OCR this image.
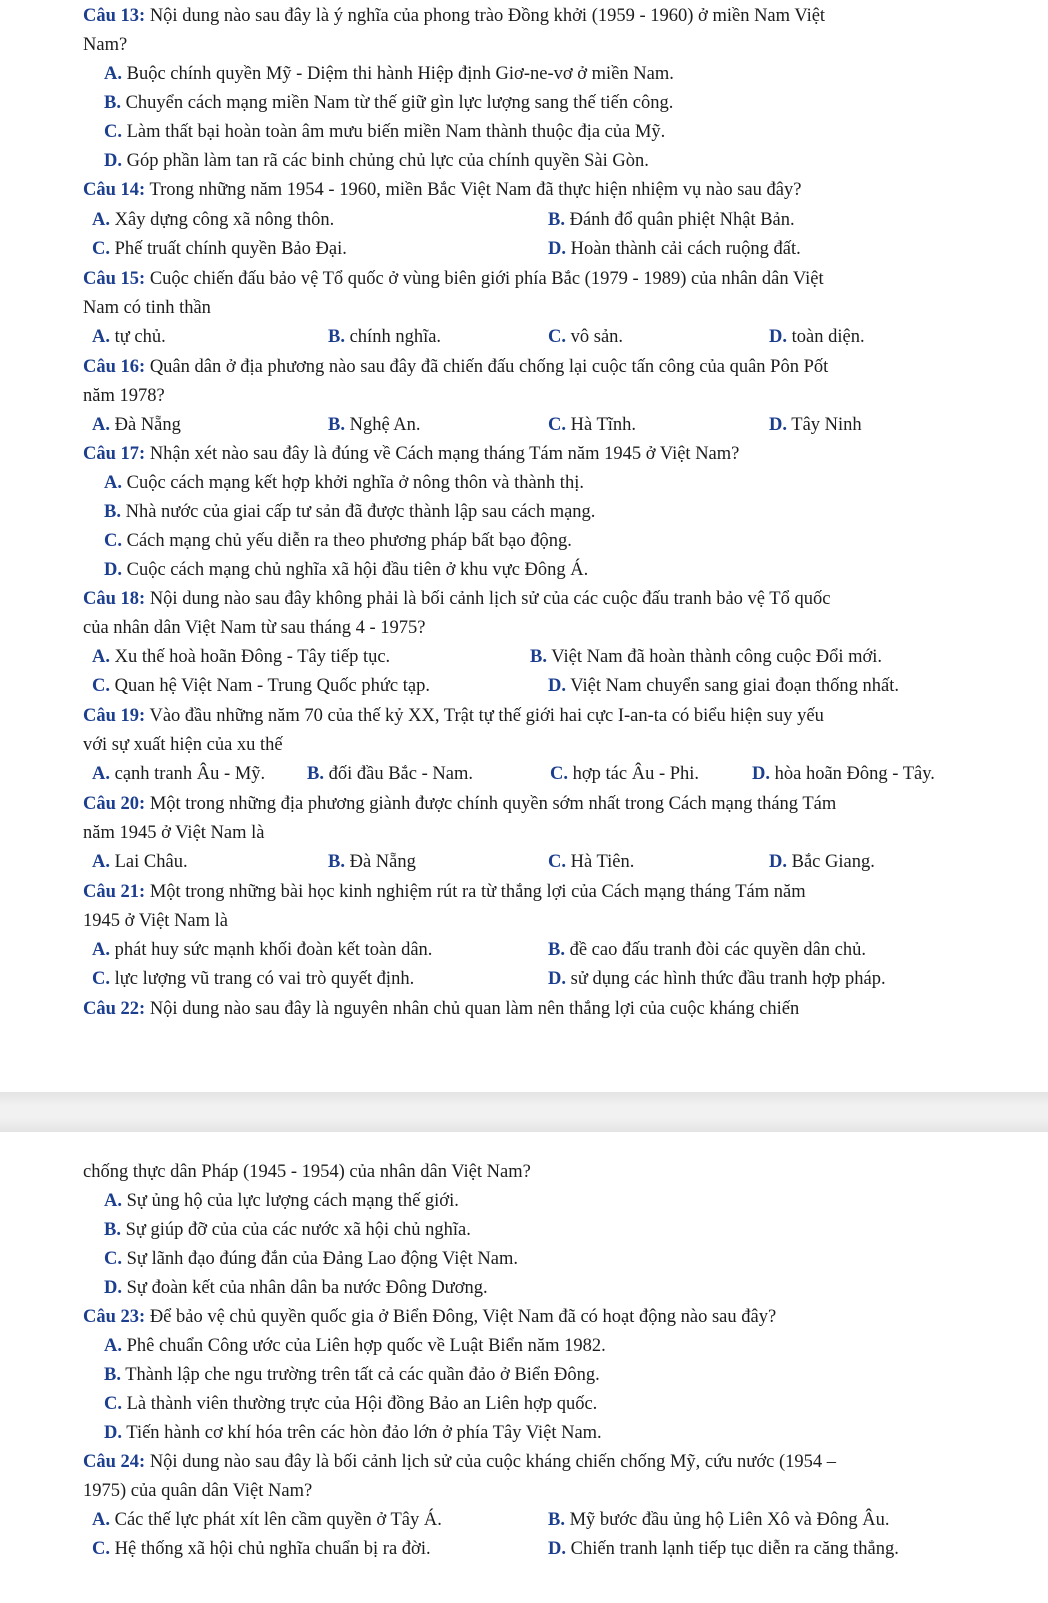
Câu 13: Nội dung nào sau đây là ý nghĩa của phong trào Đồng khởi (1959 - 1960) ở miền Nam Việt
Nam?
A. Buộc chính quyền Mỹ - Diệm thi hành Hiệp định Giơ-ne-vơ ở miền Nam.
B. Chuyển cách mạng miền Nam từ thế giữ gìn lực lượng sang thế tiến công.
C. Làm thất bại hoàn toàn âm mưu biến miền Nam thành thuộc địa của Mỹ.
D. Góp phần làm tan rã các binh chủng chủ lực của chính quyền Sài Gòn.
Câu 14: Trong những năm 1954 - 1960, miền Bắc Việt Nam đã thực hiện nhiệm vụ nào sau đây?
A. Xây dựng công xã nông thôn.	B. Đánh đổ quân phiệt Nhật Bản.
C. Phế truất chính quyền Bảo Đại.	D. Hoàn thành cải cách ruộng đất.
Câu 15: Cuộc chiến đấu bảo vệ Tổ quốc ở vùng biên giới phía Bắc (1979 - 1989) của nhân dân Việt
Nam có tinh thần
A. tự chủ.	B. chính nghĩa.	C. vô sản.	D. toàn diện.
Câu 16: Quân dân ở địa phương nào sau đây đã chiến đấu chống lại cuộc tấn công của quân Pôn Pốt
năm 1978?
A. Đà Nẵng	B. Nghệ An.	C. Hà Tĩnh.	D. Tây Ninh
Câu 17: Nhận xét nào sau đây là đúng về Cách mạng tháng Tám năm 1945 ở Việt Nam?
A. Cuộc cách mạng kết hợp khởi nghĩa ở nông thôn và thành thị.
B. Nhà nước của giai cấp tư sản đã được thành lập sau cách mạng.
C. Cách mạng chủ yếu diễn ra theo phương pháp bất bạo động.
D. Cuộc cách mạng chủ nghĩa xã hội đầu tiên ở khu vực Đông Á.
Câu 18: Nội dung nào sau đây không phải là bối cảnh lịch sử của các cuộc đấu tranh bảo vệ Tổ quốc
của nhân dân Việt Nam từ sau tháng 4 - 1975?
A. Xu thế hoà hoãn Đông - Tây tiếp tục.	B. Việt Nam đã hoàn thành công cuộc Đổi mới.
C. Quan hệ Việt Nam - Trung Quốc phức tạp.	D. Việt Nam chuyển sang giai đoạn thống nhất.
Câu 19: Vào đầu những năm 70 của thế kỷ XX, Trật tự thế giới hai cực I-an-ta có biểu hiện suy yếu
với sự xuất hiện của xu thế
A. cạnh tranh Âu - Mỹ. B. đối đầu Bắc - Nam.	C. hợp tác Âu - Phi.	D. hòa hoãn Đông - Tây.
Câu 20: Một trong những địa phương giành được chính quyền sớm nhất trong Cách mạng tháng Tám
năm 1945 ở Việt Nam là
A. Lai Châu.	B. Đà Nẵng	C. Hà Tiên.	D. Bắc Giang.
Câu 21: Một trong những bài học kinh nghiệm rút ra từ thắng lợi của Cách mạng tháng Tám năm
1945 ở Việt Nam là
A. phát huy sức mạnh khối đoàn kết toàn dân.	B. đề cao đấu tranh đòi các quyền dân chủ.
C. lực lượng vũ trang có vai trò quyết định.	D. sử dụng các hình thức đầu tranh hợp pháp.
Câu 22: Nội dung nào sau đây là nguyên nhân chủ quan làm nên thắng lợi của cuộc kháng chiến
chống thực dân Pháp (1945 - 1954) của nhân dân Việt Nam?
A. Sự ủng hộ của lực lượng cách mạng thế giới.
B. Sự giúp đỡ của của các nước xã hội chủ nghĩa.
C. Sự lãnh đạo đúng đắn của Đảng Lao động Việt Nam.
D. Sự đoàn kết của nhân dân ba nước Đông Dương.
Câu 23: Để bảo vệ chủ quyền quốc gia ở Biển Đông, Việt Nam đã có hoạt động nào sau đây?
A. Phê chuẩn Công ước của Liên hợp quốc về Luật Biển năm 1982.
B. Thành lập che ngu trường trên tất cả các quần đảo ở Biển Đông.
C. Là thành viên thường trực của Hội đồng Bảo an Liên hợp quốc.
D. Tiến hành cơ khí hóa trên các hòn đảo lớn ở phía Tây Việt Nam.
Câu 24: Nội dung nào sau đây là bối cảnh lịch sử của cuộc kháng chiến chống Mỹ, cứu nước (1954 –
1975) của quân dân Việt Nam?
A. Các thế lực phát xít lên cầm quyền ở Tây Á.	B. Mỹ bước đầu ủng hộ Liên Xô và Đông Âu.
C. Hệ thống xã hội chủ nghĩa chuẩn bị ra đời.	D. Chiến tranh lạnh tiếp tục diễn ra căng thẳng.
